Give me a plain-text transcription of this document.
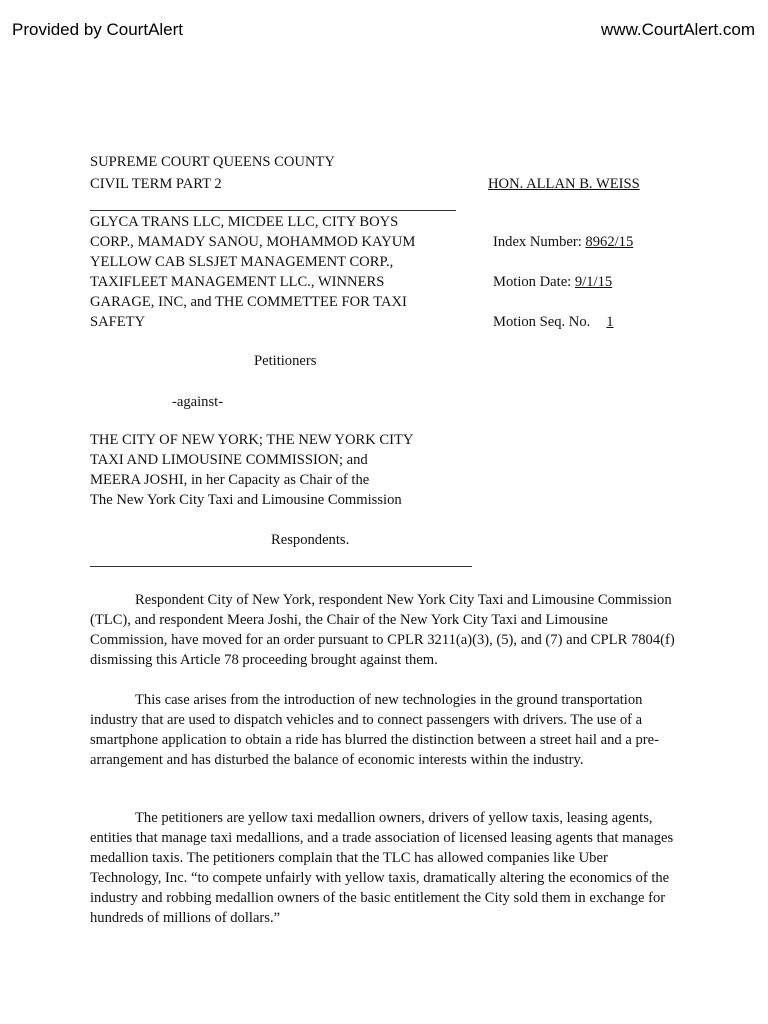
Provided by CourtAlert	www.CourtAlert.com
SUPREME COURT QUEENS COUNTY
CIVIL TERM PART 2	HON. ALLAN B. WEISS
GLYCA TRANS LLC, MICDEE LLC, CITY BOYS
CORP., MAMADY SANOU, MOHAMMOD KAYUM
YELLOW CAB SLSJET MANAGEMENT CORP.,
TAXIFLEET MANAGEMENT LLC., WINNERS
GARAGE, INC, and THE COMMETTEE FOR TAXI
SAFETY
Index Number: 8962/15
Motion Date: 9/1/15
Motion Seq. No. 1
Petitioners
-against-
THE CITY OF NEW YORK; THE NEW YORK CITY
TAXI AND LIMOUSINE COMMISSION; and
MEERA JOSHI, in her Capacity as Chair of the
The New York City Taxi and Limousine Commission
Respondents.
Respondent City of New York, respondent New York City Taxi and Limousine Commission (TLC), and respondent Meera Joshi, the Chair of the New York City Taxi and Limousine Commission, have moved for an order pursuant to CPLR 3211(a)(3), (5), and (7) and CPLR 7804(f) dismissing this Article 78 proceeding brought against them.
This case arises from the introduction of new technologies in the ground transportation industry that are used to dispatch vehicles and to connect passengers with drivers. The use of a smartphone application to obtain a ride has blurred the distinction between a street hail and a pre-arrangement and has disturbed the balance of economic interests within the industry.
The petitioners are yellow taxi medallion owners, drivers of yellow taxis, leasing agents, entities that manage taxi medallions, and a trade association of licensed leasing agents that manages medallion taxis. The petitioners complain that the TLC has allowed companies like Uber Technology, Inc. “to compete unfairly with yellow taxis, dramatically altering the economics of the industry and robbing medallion owners of the basic entitlement the City sold them in exchange for hundreds of millions of dollars.”
